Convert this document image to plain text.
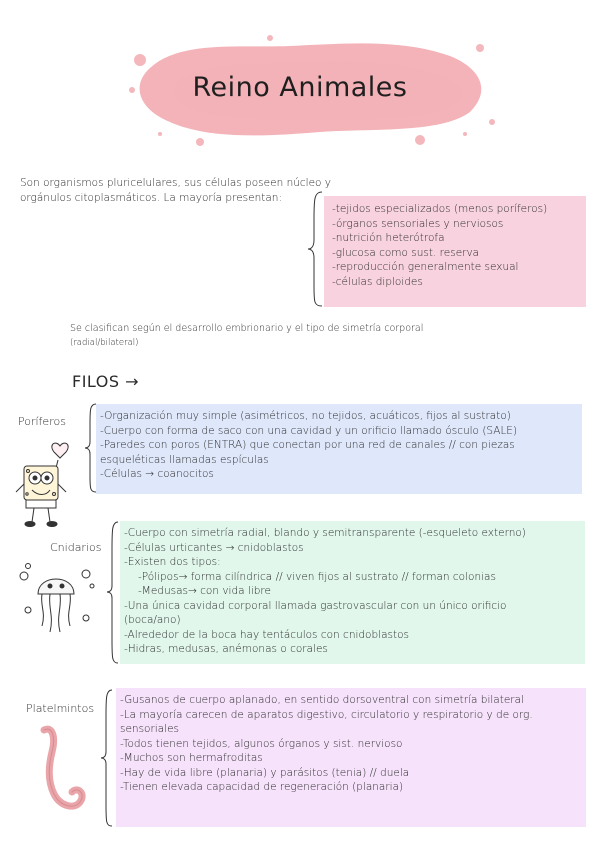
Reino Animales
Son organismos pluricelulares, sus células poseen núcleo y
orgánulos citoplasmáticos. La mayoría presentan:
-tejidos especializados (menos poríferos)
-órganos sensoriales y nerviosos
-nutrición heterótrofa
-glucosa como sust. reserva
-reproducción generalmente sexual
-células diploides
Se clasifican según el desarrollo embrionario y el tipo de simetría corporal
(radial/bilateral)
FILOS →
Poríferos	-Organización muy simple (asimétricos, no tejidos, acuáticos, fijos al sustrato)
-Cuerpo con forma de saco con una cavidad y un orificio llamado ósculo (SALE)
-Paredes con poros (ENTRA) que conectan por una red de canales // con piezas
esqueléticas llamadas espículas
-Células → coanocitos
Cnidarios
-Cuerpo con simetría radial, blando y semitransparente (-esqueleto externo)
-Células urticantes → cnidoblastos
-Existen dos tipos:
-Pólipos→ forma cilíndrica // viven fijos al sustrato // forman colonias
-Medusas→ con vida libre
-Una única cavidad corporal llamada gastrovascular con un único orificio
(boca/ano)
-Alrededor de la boca hay tentáculos con cnidoblastos
-Hidras, medusas, anémonas o corales
Platelmintos
-Gusanos de cuerpo aplanado, en sentido dorsoventral con simetría bilateral
-La mayoría carecen de aparatos digestivo, circulatorio y respiratorio y de org.
sensoriales
-Todos tienen tejidos, algunos órganos y sist. nervioso
-Muchos son hermafroditas
-Hay de vida libre (planaria) y parásitos (tenia) // duela
-Tienen elevada capacidad de regeneración (planaria)
